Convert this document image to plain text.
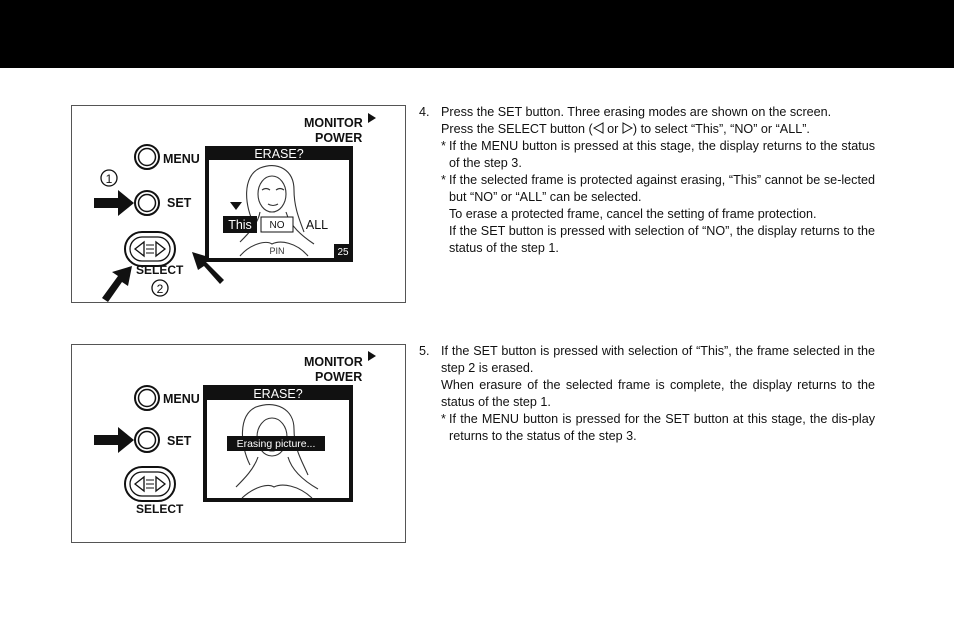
MONITOR
POWER
MENU
1
SET
SELECT
2
ERASE?
This NO ALL
PIN	25
MONITOR
POWER
MENU
SET
SELECT
ERASE?
Erasing picture...
4. Press the SET button. Three erasing modes are shown on the screen.

Press the SELECT button ( or ) to select “This”, “NO” or “ALL”.

* If the MENU button is pressed at this stage, the display returns to the status of the step 3.
* If the selected frame is protected against erasing, “This” cannot be se-lected but “NO” or “ALL” can be selected.

To erase a protected frame, cancel the setting of frame protection.

If the SET button is pressed with selection of “NO”, the display returns to the status of the step 1.

5. If the SET button is pressed with selection of “This”, the frame selected in the step 2 is erased.

When erasure of the selected frame is complete, the display returns to the status of the step 1.

* If the MENU button is pressed for the SET button at this stage, the dis-play returns to the status of the step 3.
